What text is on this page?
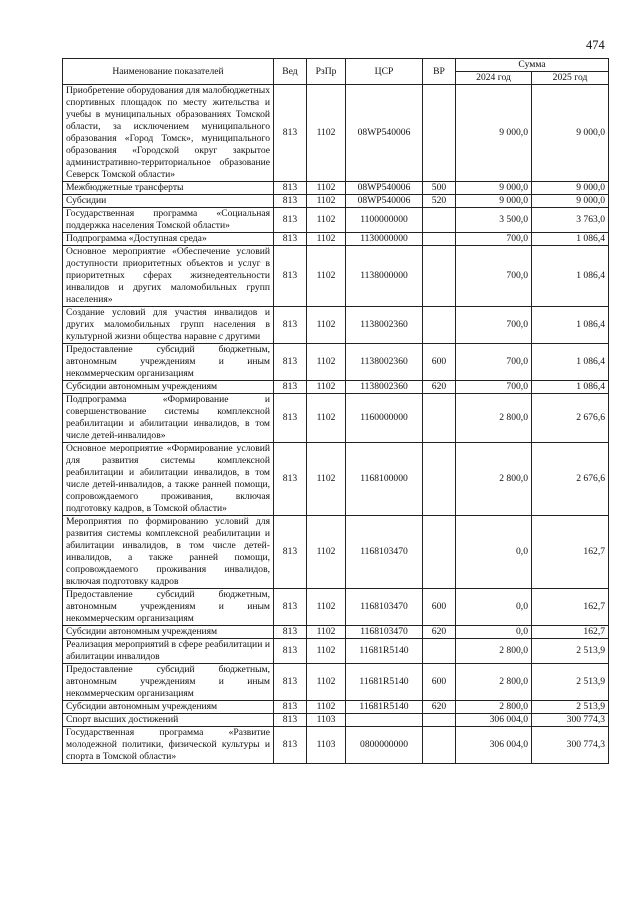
474
Наименование показателей	Вед	РзПр	ЦСР	ВР	Сумма	
					2024 год	2025 год
Приобретение оборудования для малобюджетных спортивных площадок по месту жительства и учебы в муниципальных образованиях Томской области, за исключением муниципального образования «Город Томск», муниципального образования «Городской округ закрытое административно-территориальное образование Северск Томской области»	813	1102	08WP540006		9 000,0	9 000,0
Межбюджетные трансферты	813	1102	08WP540006	500	9 000,0	9 000,0
Субсидии	813	1102	08WP540006	520	9 000,0	9 000,0
Государственная программа «Социальная поддержка населения Томской области»	813	1102	1100000000		3 500,0	3 763,0
Подпрограмма «Доступная среда»	813	1102	1130000000		700,0	1 086,4
Основное мероприятие «Обеспечение условий доступности приоритетных объектов и услуг в приоритетных сферах жизнедеятельности инвалидов и других маломобильных групп населения»	813	1102	1138000000		700,0	1 086,4
Создание условий для участия инвалидов и других маломобильных групп населения в культурной жизни общества наравне с другими	813	1102	1138002360		700,0	1 086,4
Предоставление субсидий бюджетным, автономным учреждениям и иным некоммерческим организациям	813	1102	1138002360	600	700,0	1 086,4
Субсидии автономным учреждениям	813	1102	1138002360	620	700,0	1 086,4
Подпрограмма «Формирование и совершенствование системы комплексной реабилитации и абилитации инвалидов, в том числе детей-инвалидов»	813	1102	1160000000		2 800,0	2 676,6
Основное мероприятие «Формирование условий для развития системы комплексной реабилитации и абилитации инвалидов, в том числе детей-инвалидов, а также ранней помощи, сопровождаемого проживания, включая подготовку кадров, в Томской области»	813	1102	1168100000		2 800,0	2 676,6
Мероприятия по формированию условий для развития системы комплексной реабилитации и абилитации инвалидов, в том числе детей-инвалидов, а также ранней помощи, сопровождаемого проживания инвалидов, включая подготовку кадров	813	1102	1168103470		0,0	162,7
Предоставление субсидий бюджетным, автономным учреждениям и иным некоммерческим организациям	813	1102	1168103470	600	0,0	162,7
Субсидии автономным учреждениям	813	1102	1168103470	620	0,0	162,7
Реализация мероприятий в сфере реабилитации и абилитации инвалидов	813	1102	11681R5140		2 800,0	2 513,9
Предоставление субсидий бюджетным, автономным учреждениям и иным некоммерческим организациям	813	1102	11681R5140	600	2 800,0	2 513,9
Субсидии автономным учреждениям	813	1102	11681R5140	620	2 800,0	2 513,9
Спорт высших достижений	813	1103			306 004,0	300 774,3
Государственная программа «Развитие молодежной политики, физической культуры и спорта в Томской области»	813	1103	0800000000		306 004,0	300 774,3
